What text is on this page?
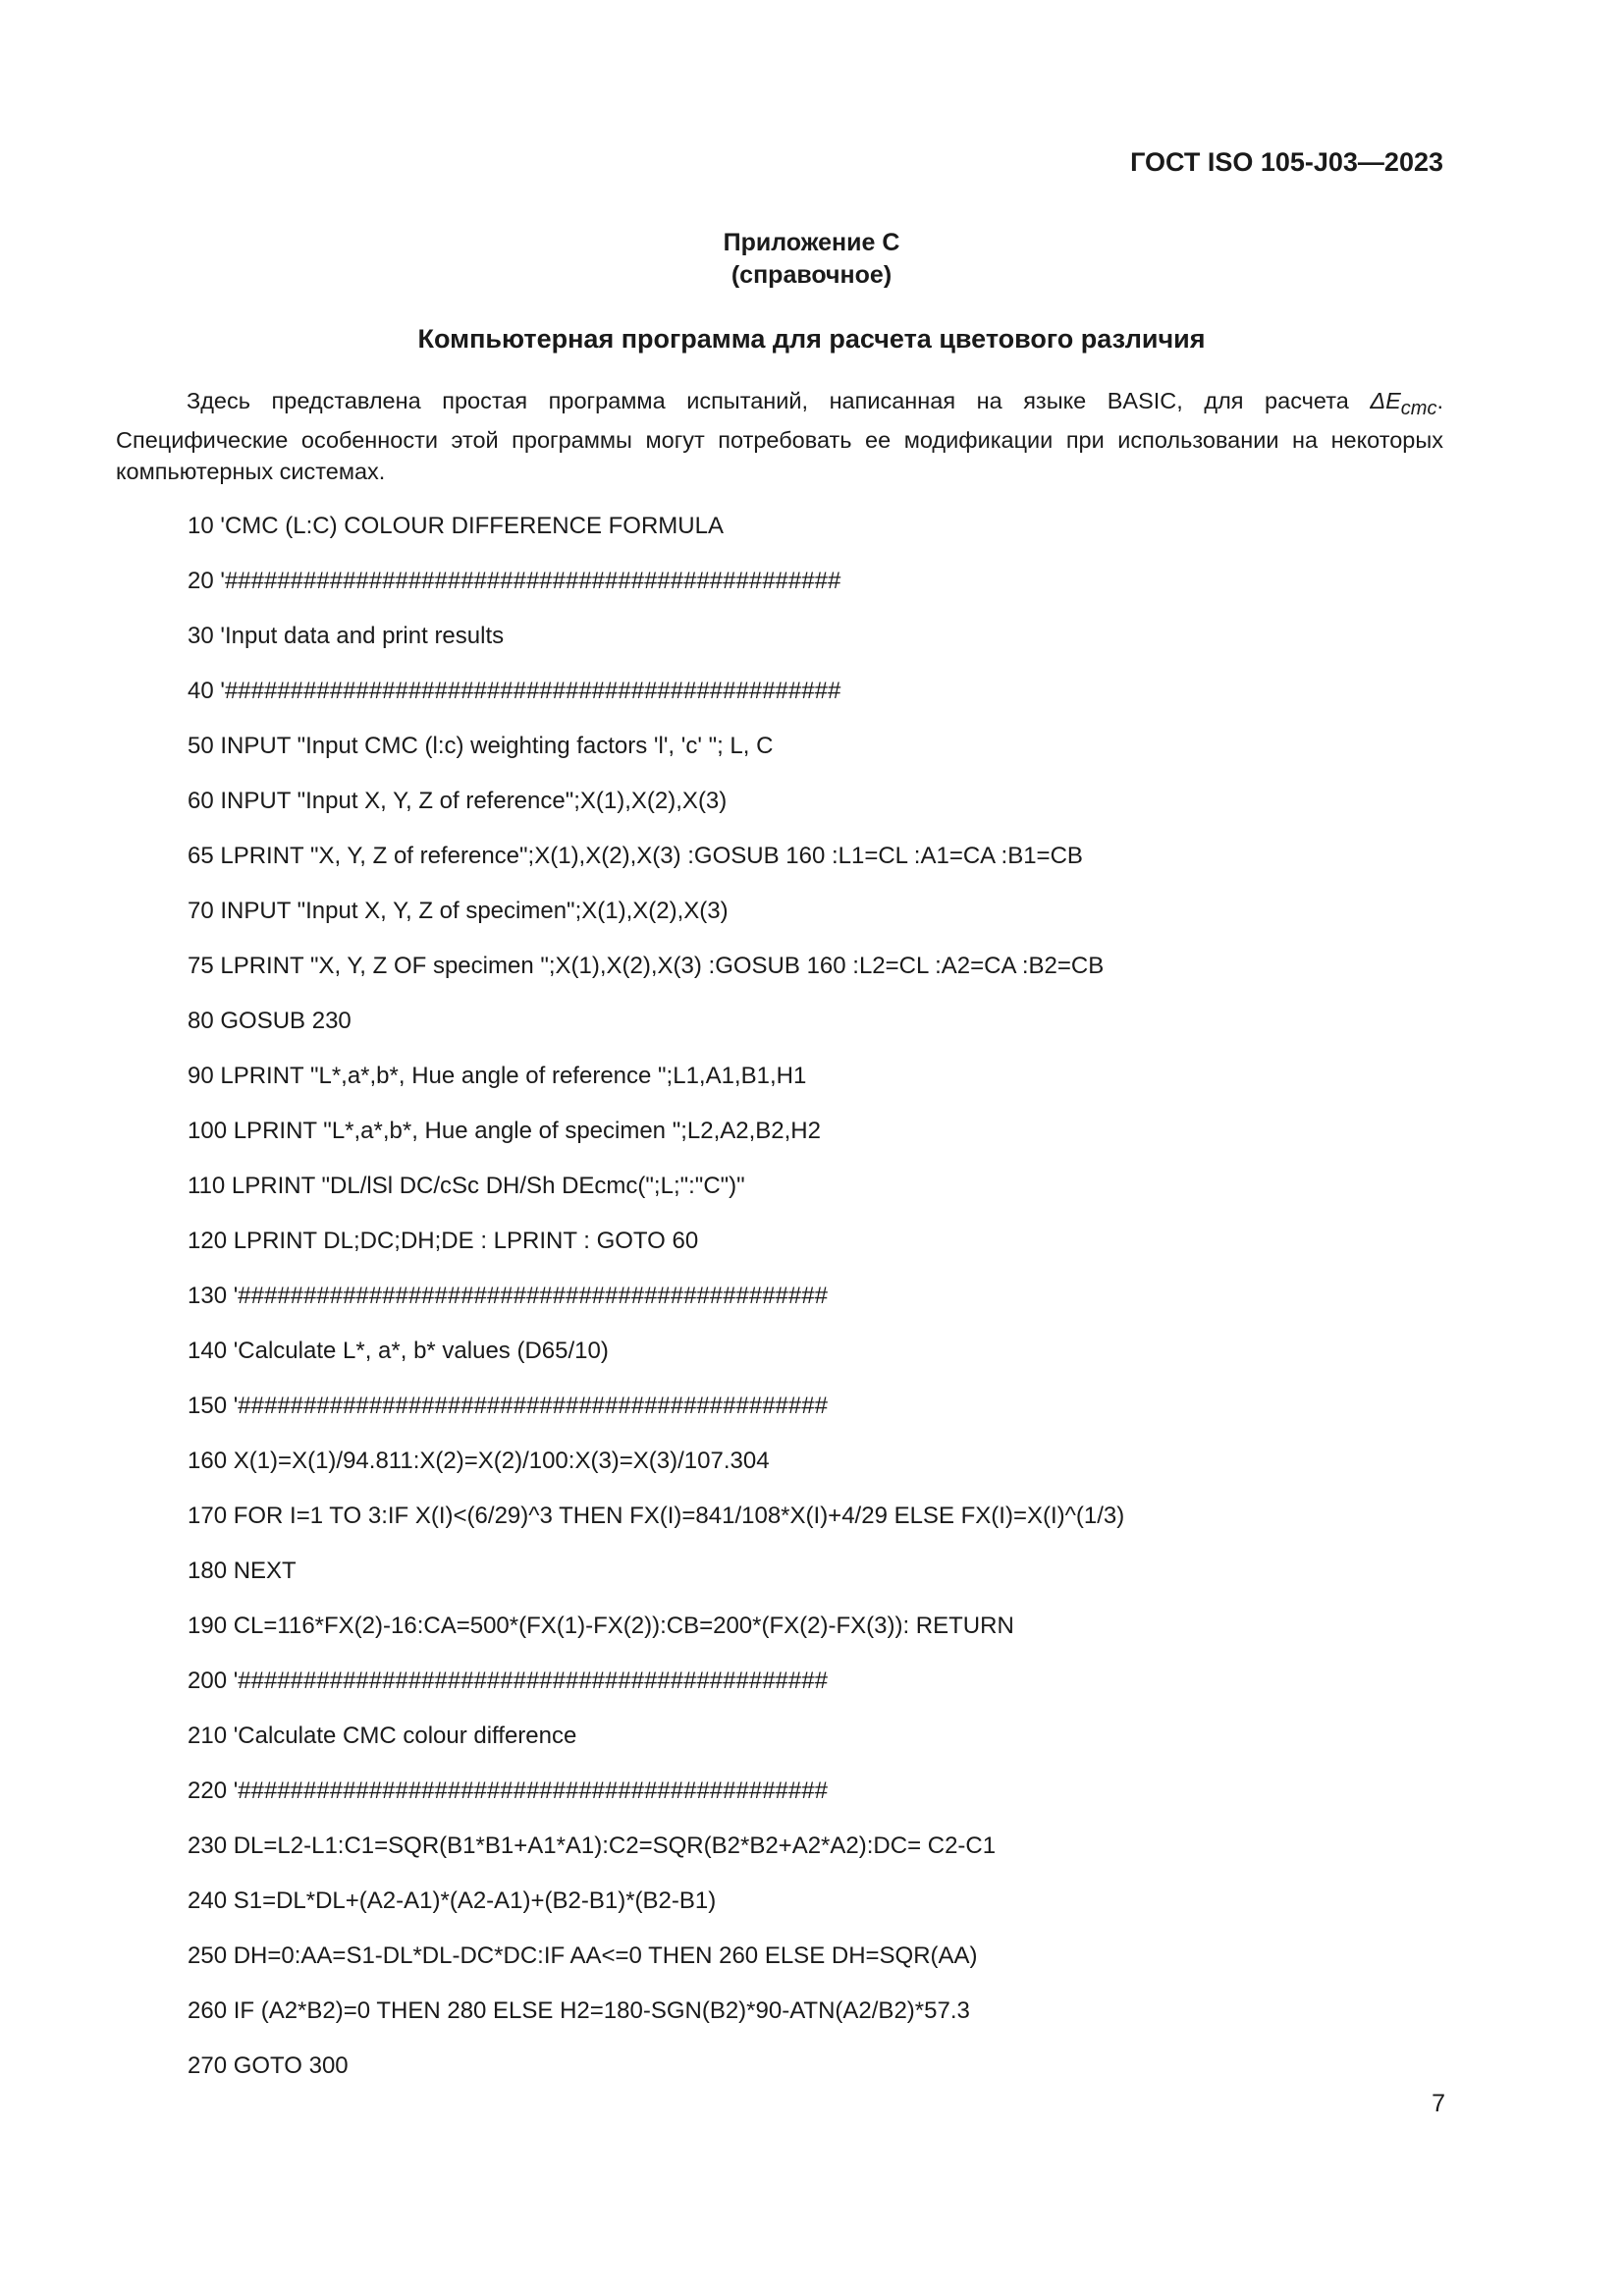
ГОСТ ISO 105-J03—2023
Приложение С
(справочное)
Компьютерная программа для расчета цветового различия

Здесь представлена простая программа испытаний, написанная на языке BASIC, для расчета ΔEcmc. Специфические особенности этой программы могут потребовать ее модификации при использовании на некоторых компьютерных системах.

10 'CMC (L:C) COLOUR DIFFERENCE FORMULA
20 '###############################################
30 'Input data and print results
40 '###############################################
50 INPUT "Input CMC (l:c) weighting factors 'l', 'c' "; L, C
60 INPUT "Input X, Y, Z of reference";X(1),X(2),X(3)
65 LPRINT "X, Y, Z of reference";X(1),X(2),X(3) :GOSUB 160 :L1=CL :A1=CA :B1=CB
70 INPUT "Input X, Y, Z of specimen";X(1),X(2),X(3)
75 LPRINT "X, Y, Z OF specimen ";X(1),X(2),X(3) :GOSUB 160 :L2=CL :A2=CA :B2=CB
80 GOSUB 230
90 LPRINT "L*,a*,b*, Hue angle of reference ";L1,A1,B1,H1
100 LPRINT "L*,a*,b*, Hue angle of specimen ";L2,A2,B2,H2
110 LPRINT "DL/lSl DC/cSc DH/Sh DEcmc(";L;":"C")"
120 LPRINT DL;DC;DH;DE : LPRINT : GOTO 60
130 '#############################################
140 'Calculate L*, a*, b* values (D65/10)
150 '#############################################
160 X(1)=X(1)/94.811:X(2)=X(2)/100:X(3)=X(3)/107.304
170 FOR I=1 TO 3:IF X(I)<(6/29)^3 THEN FX(I)=841/108*X(I)+4/29 ELSE FX(I)=X(I)^(1/3)
180 NEXT
190 CL=116*FX(2)-16:CA=500*(FX(1)-FX(2)):CB=200*(FX(2)-FX(3)): RETURN
200 '#############################################
210 'Calculate CMC colour difference
220 '#############################################
230 DL=L2-L1:C1=SQR(B1*B1+A1*A1):C2=SQR(B2*B2+A2*A2):DC= C2-C1
240 S1=DL*DL+(A2-A1)*(A2-A1)+(B2-B1)*(B2-B1)
250 DH=0:AA=S1-DL*DL-DC*DC:IF AA<=0 THEN 260 ELSE DH=SQR(AA)
260 IF (A2*B2)=0 THEN 280 ELSE H2=180-SGN(B2)*90-ATN(A2/B2)*57.3
270 GOTO 300
7
